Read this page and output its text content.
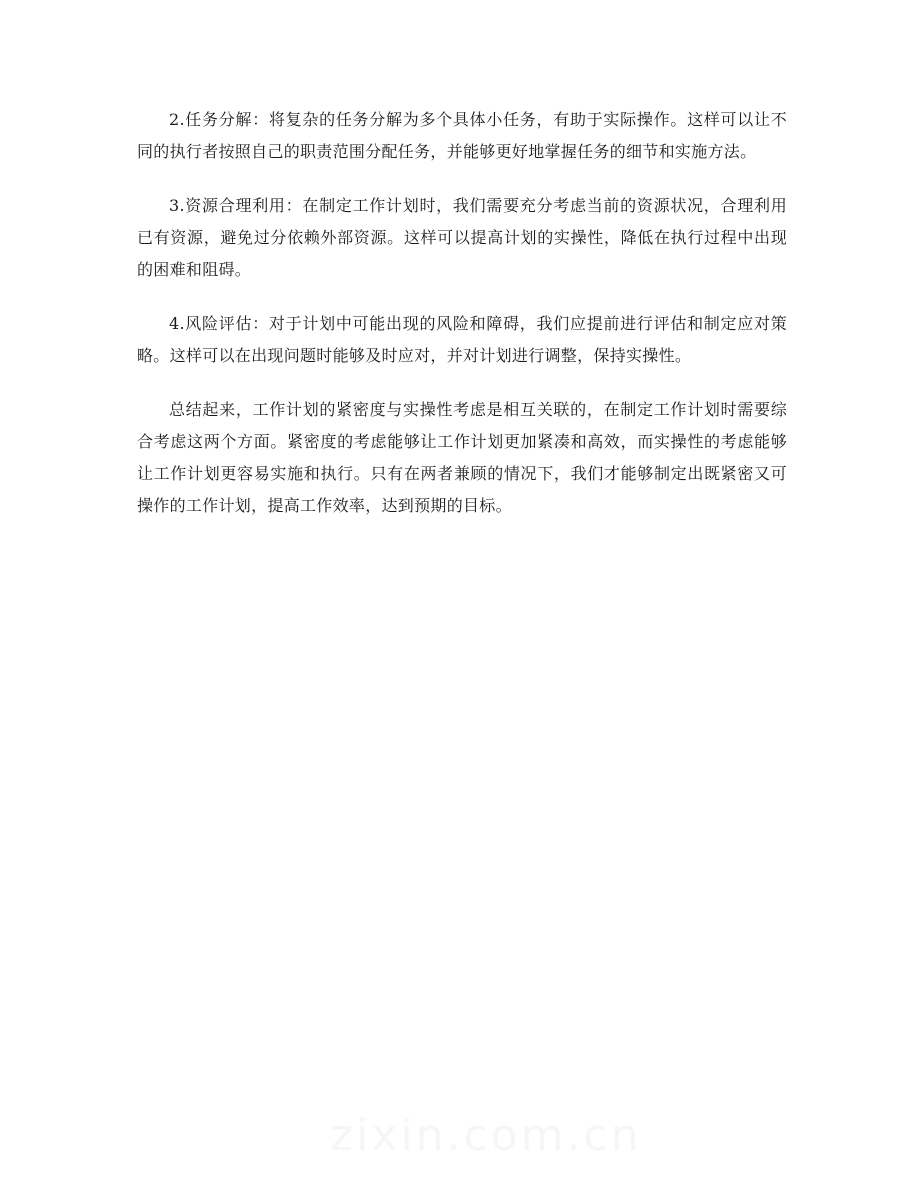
2.任务分解：将复杂的任务分解为多个具体小任务，有助于实际操作。这样可以让不同的执行者按照自己的职责范围分配任务，并能够更好地掌握任务的细节和实施方法。

3.资源合理利用：在制定工作计划时，我们需要充分考虑当前的资源状况，合理利用已有资源，避免过分依赖外部资源。这样可以提高计划的实操性，降低在执行过程中出现的困难和阻碍。

4.风险评估：对于计划中可能出现的风险和障碍，我们应提前进行评估和制定应对策略。这样可以在出现问题时能够及时应对，并对计划进行调整，保持实操性。

总结起来，工作计划的紧密度与实操性考虑是相互关联的，在制定工作计划时需要综合考虑这两个方面。紧密度的考虑能够让工作计划更加紧凑和高效，而实操性的考虑能够让工作计划更容易实施和执行。只有在两者兼顾的情况下，我们才能够制定出既紧密又可操作的工作计划，提高工作效率，达到预期的目标。
